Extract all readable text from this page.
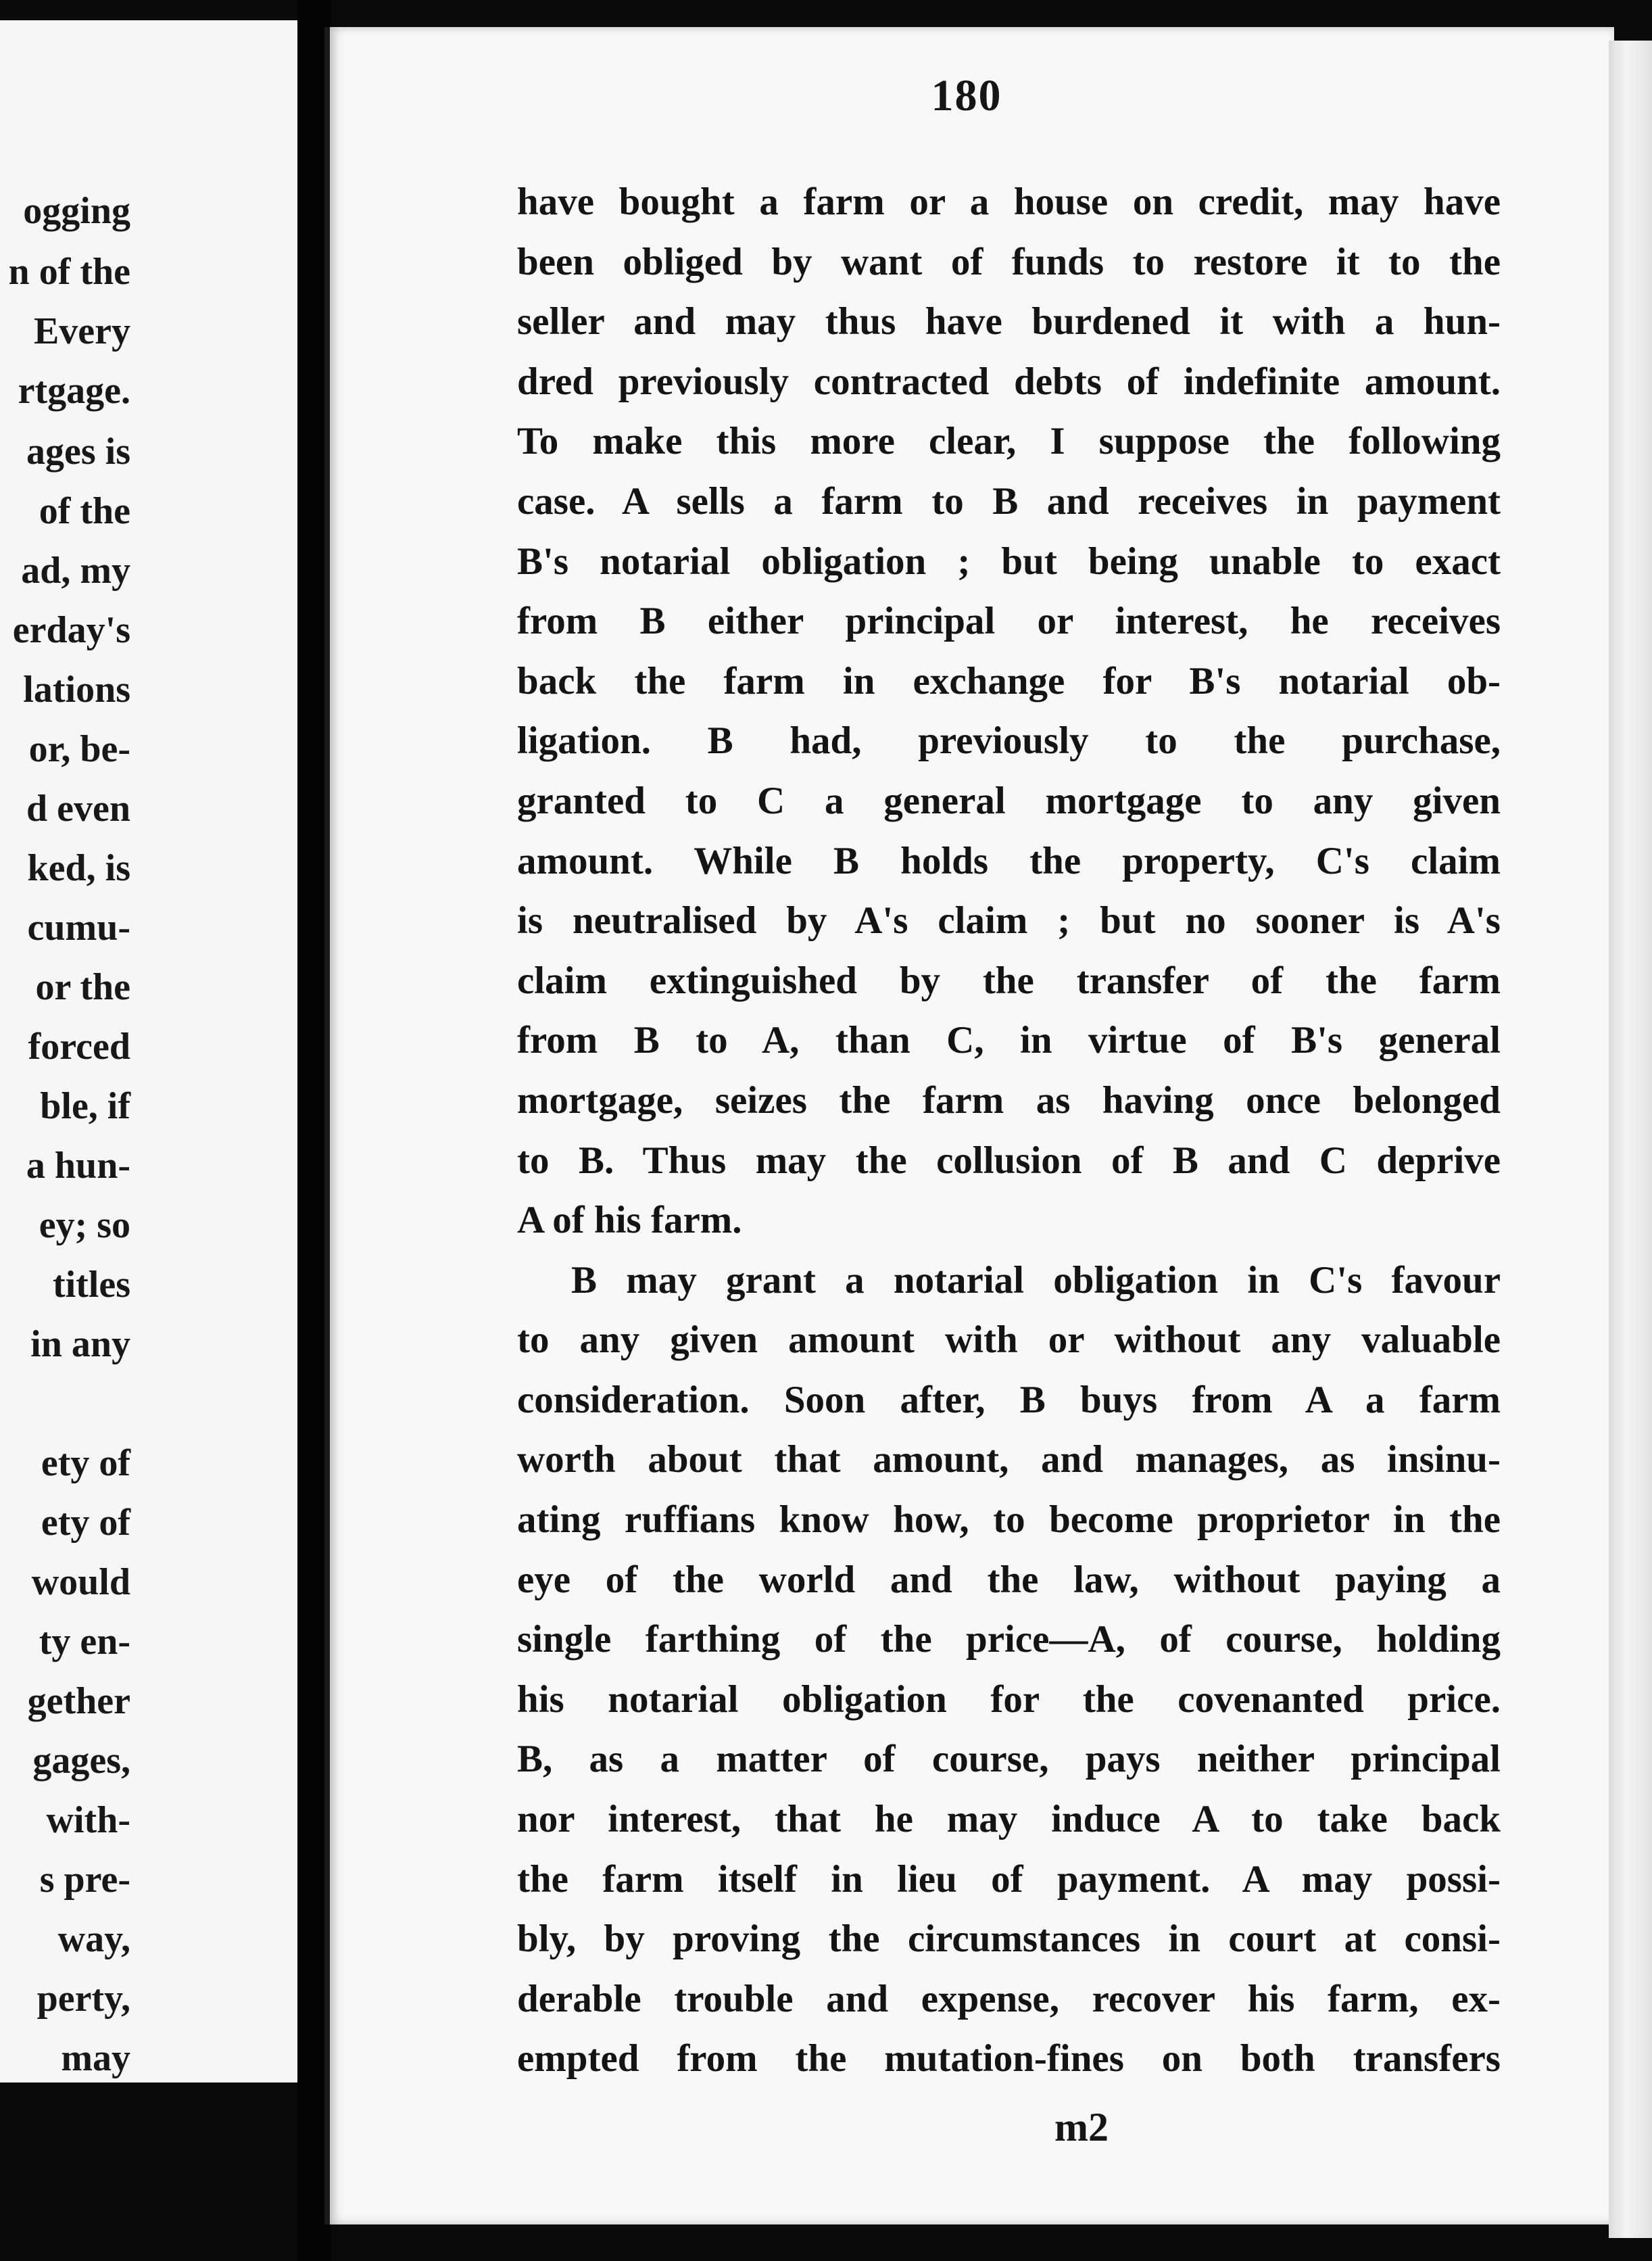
ogging
n of the
Every
rtgage.
ages is
of the
ad, my
erday's
lations
or, be-
d even
ked, is
cumu-
or the
forced
ble, if
a hun-
ey; so
titles
in any
ety of
ety of
would
ty en-
gether
gages,
with-
s pre-
way,
perty,
may
180
have bought a farm or a house on credit, may have
been obliged by want of funds to restore it to the
seller and may thus have burdened it with a hun-
dred previously contracted debts of indefinite amount.
To make this more clear, I suppose the following
case. A sells a farm to B and receives in payment
B's notarial obligation ; but being unable to exact
from B either principal or interest, he receives
back the farm in exchange for B's notarial ob-
ligation. B had, previously to the purchase,
granted to C a general mortgage to any given
amount. While B holds the property, C's claim
is neutralised by A's claim ; but no sooner is A's
claim extinguished by the transfer of the farm
from B to A, than C, in virtue of B's general
mortgage, seizes the farm as having once belonged
to B. Thus may the collusion of B and C deprive
A of his farm.
B may grant a notarial obligation in C's favour
to any given amount with or without any valuable
consideration. Soon after, B buys from A a farm
worth about that amount, and manages, as insinu-
ating ruffians know how, to become proprietor in the
eye of the world and the law, without paying a
single farthing of the price—A, of course, holding
his notarial obligation for the covenanted price.
B, as a matter of course, pays neither principal
nor interest, that he may induce A to take back
the farm itself in lieu of payment. A may possi-
bly, by proving the circumstances in court at consi-
derable trouble and expense, recover his farm, ex-
empted from the mutation-fines on both transfers
m2
